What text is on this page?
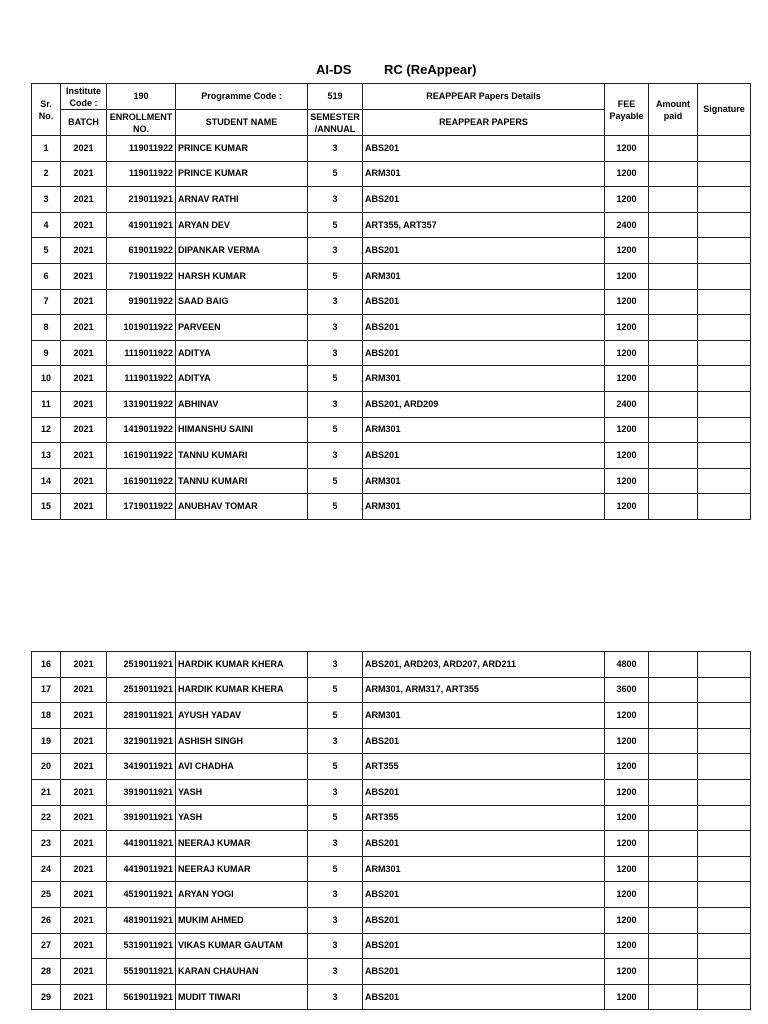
AI-DS	RC (ReAppear)
Sr. No.	Institute Code :	190	Programme Code :	519	REAPPEAR Papers Details	FEE Payable	Amount paid	Signature
	BATCH	ENROLLMENT NO.	STUDENT NAME	SEMESTER /ANNUAL	REAPPEAR PAPERS			
1	2021	119011922	PRINCE KUMAR	3	ABS201	1200		
2	2021	119011922	PRINCE KUMAR	5	ARM301	1200		
3	2021	219011921	ARNAV RATHI	3	ABS201	1200		
4	2021	419011921	ARYAN DEV	5	ART355, ART357	2400		
5	2021	619011922	DIPANKAR VERMA	3	ABS201	1200		
6	2021	719011922	HARSH KUMAR	5	ARM301	1200		
7	2021	919011922	SAAD BAIG	3	ABS201	1200		
8	2021	1019011922	PARVEEN	3	ABS201	1200		
9	2021	1119011922	ADITYA	3	ABS201	1200		
10	2021	1119011922	ADITYA	5	ARM301	1200		
11	2021	1319011922	ABHINAV	3	ABS201, ARD209	2400		
12	2021	1419011922	HIMANSHU SAINI	5	ARM301	1200		
13	2021	1619011922	TANNU KUMARI	3	ABS201	1200		
14	2021	1619011922	TANNU KUMARI	5	ARM301	1200		
15	2021	1719011922	ANUBHAV TOMAR	5	ARM301	1200		
16	2021	2519011921	HARDIK KUMAR KHERA	3	ABS201, ARD203, ARD207, ARD211	4800		
17	2021	2519011921	HARDIK KUMAR KHERA	5	ARM301, ARM317, ART355	3600		
18	2021	2819011921	AYUSH YADAV	5	ARM301	1200		
19	2021	3219011921	ASHISH SINGH	3	ABS201	1200		
20	2021	3419011921	AVI CHADHA	5	ART355	1200		
21	2021	3919011921	YASH	3	ABS201	1200		
22	2021	3919011921	YASH	5	ART355	1200		
23	2021	4419011921	NEERAJ KUMAR	3	ABS201	1200		
24	2021	4419011921	NEERAJ KUMAR	5	ARM301	1200		
25	2021	4519011921	ARYAN YOGI	3	ABS201	1200		
26	2021	4819011921	MUKIM AHMED	3	ABS201	1200		
27	2021	5319011921	VIKAS KUMAR GAUTAM	3	ABS201	1200		
28	2021	5519011921	KARAN CHAUHAN	3	ABS201	1200		
29	2021	5619011921	MUDIT TIWARI	3	ABS201	1200		
